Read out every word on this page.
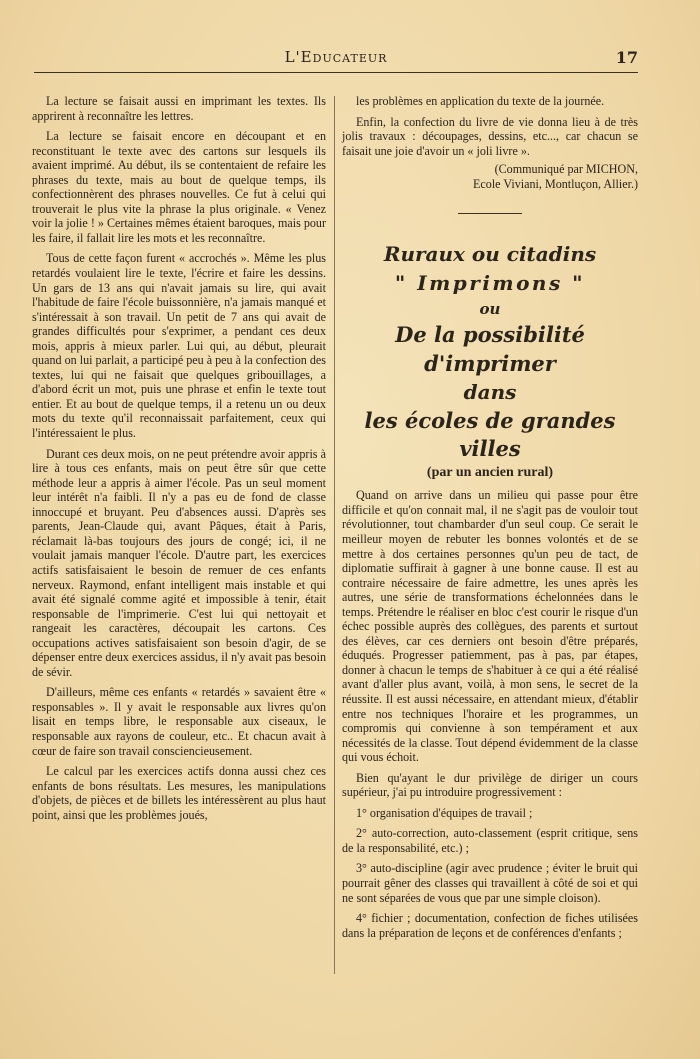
L'Educateur	17

La lecture se faisait aussi en imprimant les textes. Ils apprirent à reconnaître les lettres.

La lecture se faisait encore en découpant et en reconstituant le texte avec des cartons sur lesquels ils avaient imprimé. Au début, ils se contentaient de refaire les phrases du texte, mais au bout de quelque temps, ils confectionnèrent des phrases nouvelles. Ce fut à celui qui trouverait le plus vite la phrase la plus originale. « Venez voir la jolie ! » Certaines mêmes étaient baroques, mais pour les faire, il fallait lire les mots et les reconnaître.

Tous de cette façon furent « accrochés ». Même les plus retardés voulaient lire le texte, l'écrire et faire les dessins. Un gars de 13 ans qui n'avait jamais su lire, qui avait l'habitude de faire l'école buissonnière, n'a jamais manqué et s'intéressait à son travail. Un petit de 7 ans qui avait de grandes difficultés pour s'exprimer, a pendant ces deux mois, appris à mieux parler. Lui qui, au début, pleurait quand on lui parlait, a participé peu à peu à la confection des textes, lui qui ne faisait que quelques gribouillages, a d'abord écrit un mot, puis une phrase et enfin le texte tout entier. Et au bout de quelque temps, il a retenu un ou deux mots du texte qu'il reconnaissait parfaitement, ceux qui l'intéressaient le plus.

Durant ces deux mois, on ne peut prétendre avoir appris à lire à tous ces enfants, mais on peut être sûr que cette méthode leur a appris à aimer l'école. Pas un seul moment leur intérêt n'a faibli. Il n'y a pas eu de fond de classe innoccupé et bruyant. Peu d'absences aussi. D'après ses parents, Jean-Claude qui, avant Pâques, était à Paris, réclamait là-bas toujours des jours de congé; ici, il ne voulait jamais manquer l'école. D'autre part, les exercices actifs satisfaisaient le besoin de remuer de ces enfants nerveux. Raymond, enfant intelligent mais instable et qui avait été signalé comme agité et impossible à tenir, était responsable de l'imprimerie. C'est lui qui nettoyait et rangeait les caractères, découpait les cartons. Ces occupations actives satisfaisaient son besoin d'agir, de se dépenser entre deux exercices assidus, il n'y avait pas besoin de sévir.

D'ailleurs, même ces enfants « retardés » savaient être « responsables ». Il y avait le responsable aux livres qu'on lisait en temps libre, le responsable aux ciseaux, le responsable aux rayons de couleur, etc.. Et chacun avait à cœur de faire son travail consciencieusement.

Le calcul par les exercices actifs donna aussi chez ces enfants de bons résultats. Les mesures, les manipulations d'objets, de pièces et de billets les intéressèrent au plus haut point, ainsi que les problèmes joués,

les problèmes en application du texte de la journée.

Enfin, la confection du livre de vie donna lieu à de très jolis travaux : découpages, dessins, etc..., car chacun se faisait une joie d'avoir un « joli livre ».

(Communiqué par MICHON,
Ecole Viviani, Montluçon, Allier.)

Ruraux ou citadins
" Imprimons "
ou
De la possibilité d'imprimer
dans
les écoles de grandes villes
(par un ancien rural)

Quand on arrive dans un milieu qui passe pour être difficile et qu'on connait mal, il ne s'agit pas de vouloir tout révolutionner, tout chambarder d'un seul coup. Ce serait le meilleur moyen de rebuter les bonnes volontés et de se mettre à dos certaines personnes qu'un peu de tact, de diplomatie suffirait à gagner à une bonne cause. Il est au contraire nécessaire de faire admettre, les unes après les autres, une série de transformations échelonnées dans le temps. Prétendre le réaliser en bloc c'est courir le risque d'un échec possible auprès des collègues, des parents et surtout des élèves, car ces derniers ont besoin d'être préparés, éduqués. Progresser patiemment, pas à pas, par étapes, donner à chacun le temps de s'habituer à ce qui a été réalisé avant d'aller plus avant, voilà, à mon sens, le secret de la réussite. Il est aussi nécessaire, en attendant mieux, d'établir entre nos techniques l'horaire et les programmes, un compromis qui convienne à son tempérament et aux nécessités de la classe. Tout dépend évidemment de la classe qui vous échoit.

Bien qu'ayant le dur privilège de diriger un cours supérieur, j'ai pu introduire progressivement :

1° organisation d'équipes de travail ;

2° auto-correction, auto-classement (esprit critique, sens de la responsabilité, etc.) ;

3° auto-discipline (agir avec prudence ; éviter le bruit qui pourrait gêner des classes qui travaillent à côté de soi et qui ne sont séparées de vous que par une simple cloison).

4° fichier ; documentation, confection de fiches utilisées dans la préparation de leçons et de conférences d'enfants ;
